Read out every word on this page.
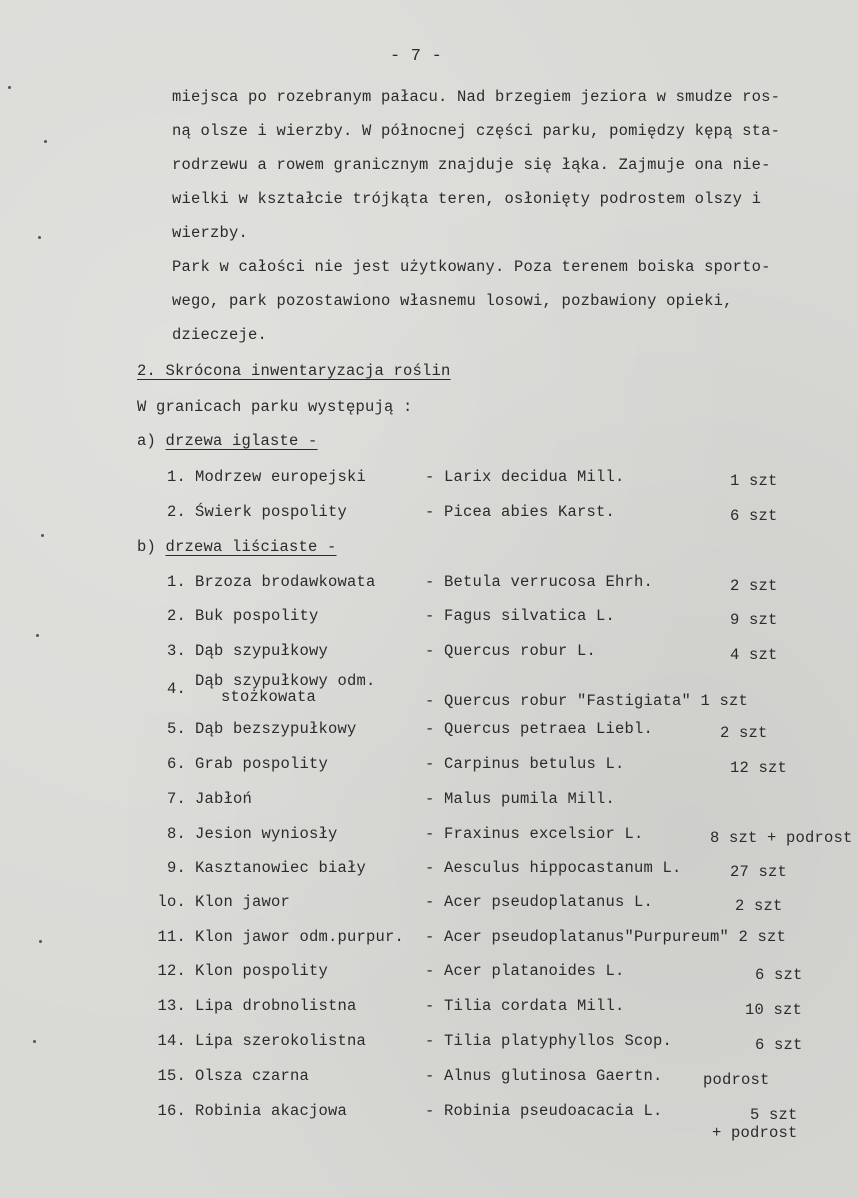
- 7 -
miejsca po rozebranym pałacu. Nad brzegiem jeziora w smudze ros-
ną olsze i wierzby. W północnej części parku, pomiędzy kępą sta-
rodrzewu a rowem granicznym znajduje się łąka. Zajmuje ona nie-
wielki w kształcie trójkąta teren, osłonięty podrostem olszy i
wierzby.
Park w całości nie jest użytkowany. Poza terenem boiska sporto-
wego, park pozostawiono własnemu losowi, pozbawiony opieki,
dzieczeje.
2. Skrócona inwentaryzacja roślin
W granicach parku występują :
a) drzewa iglaste -
1. Modrzew europejski	- Larix decidua Mill.	1 szt
2. Świerk pospolity	- Picea abies Karst.	6 szt
b) drzewa liściaste -
1. Brzoza brodawkowata	- Betula verrucosa Ehrh.	2 szt
2. Buk pospolity	- Fagus silvatica L.	9 szt
3. Dąb szypułkowy	- Quercus robur L.	4 szt
4. Dąb szypułkowy odm.
stożkowata	- Quercus robur "Fastigiata" 1 szt
5. Dąb bezszypułkowy	- Quercus petraea Liebl.	2 szt
6. Grab pospolity	- Carpinus betulus L.	12 szt
7. Jabłoń	- Malus pumila Mill.
8. Jesion wyniosły	- Fraxinus excelsior L.	8 szt + podrost
9. Kasztanowiec biały	- Aesculus hippocastanum L.	27 szt
lo. Klon jawor	- Acer pseudoplatanus L.	2 szt
11. Klon jawor odm.purpur. - Acer pseudoplatanus"Purpureum" 2 szt
12. Klon pospolity	- Acer platanoides L.	6 szt
13. Lipa drobnolistna	- Tilia cordata Mill.	10 szt
14. Lipa szerokolistna	- Tilia platyphyllos Scop.	6 szt
15. Olsza czarna	- Alnus glutinosa Gaertn.	podrost
16. Robinia akacjowa	- Robinia pseudoacacia L.	5 szt
+ podrost
